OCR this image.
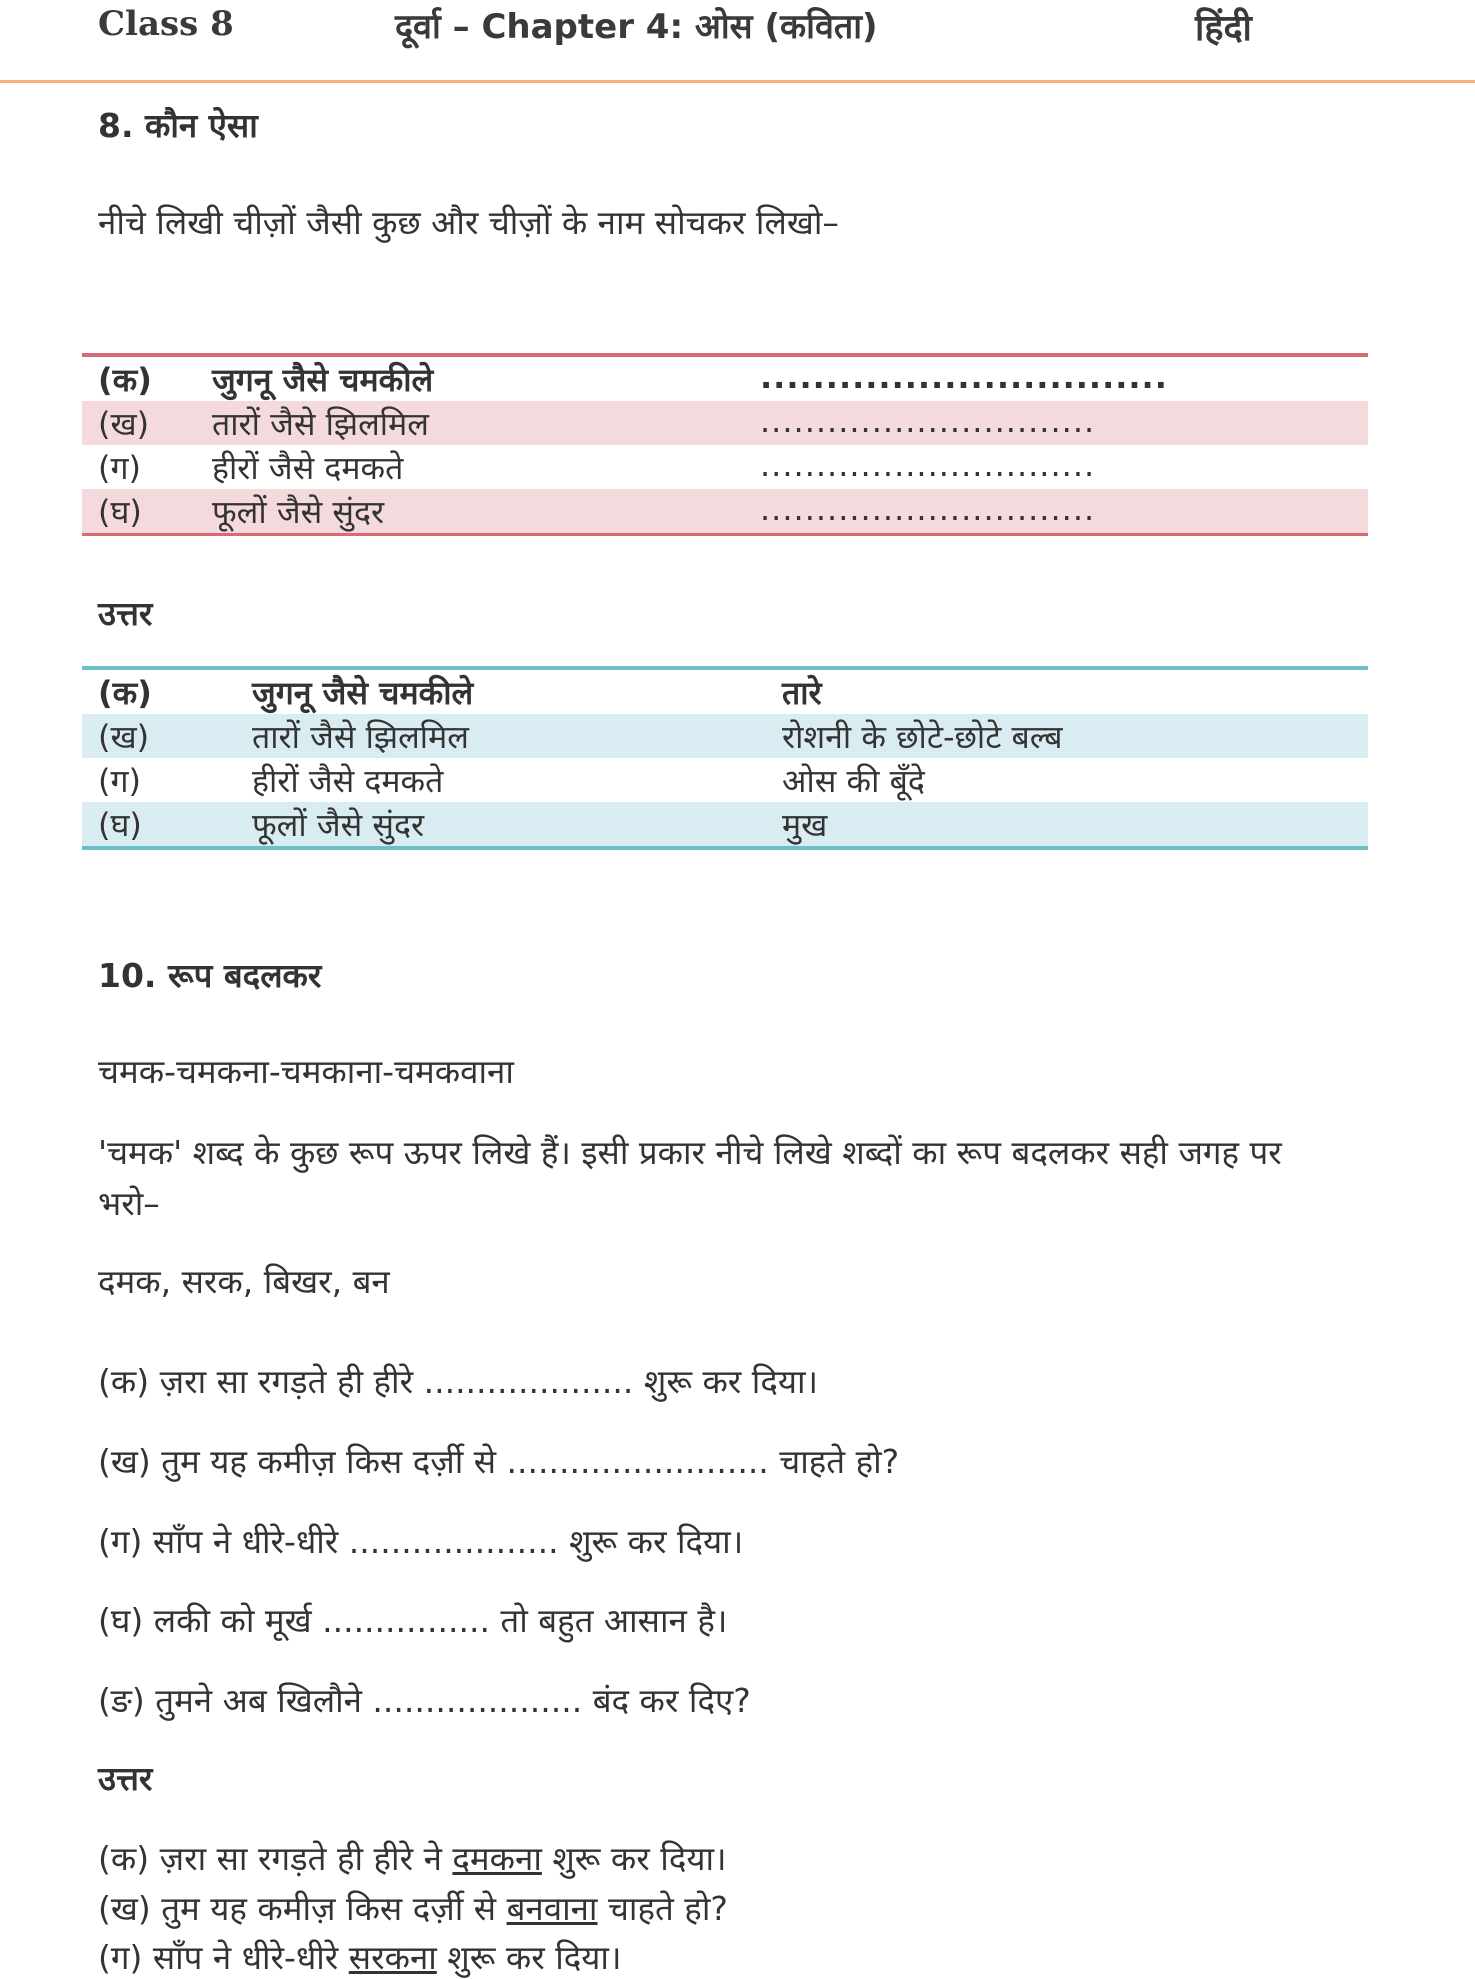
Class 8	दूर्वा – Chapter 4: ओस (कविता)	हिंदी
8. कौन ऐसा
नीचे लिखी चीज़ों जैसी कुछ और चीज़ों के नाम सोचकर लिखो–
(क) जुगनू जैसे चमकीले	...............................
(ख) तारों जैसे झिलमिल	..............................
(ग) हीरों जैसे दमकते	..............................
(घ) फूलों जैसे सुंदर	..............................
उत्तर
(क)	जुगनू जैसे चमकीले	तारे
(ख)	तारों जैसे झिलमिल	रोशनी के छोटे-छोटे बल्ब
(ग)	हीरों जैसे दमकते	ओस की बूँदे
(घ)	फूलों जैसे सुंदर	मुख
10. रूप बदलकर
चमक-चमकना-चमकाना-चमकवाना
'चमक' शब्द के कुछ रूप ऊपर लिखे हैं। इसी प्रकार नीचे लिखे शब्दों का रूप बदलकर सही जगह पर
भरो–
दमक, सरक, बिखर, बन
(क) ज़रा सा रगड़ते ही हीरे .................... शुरू कर दिया।
(ख) तुम यह कमीज़ किस दर्ज़ी से ......................... चाहते हो?
(ग) साँप ने धीरे-धीरे .................... शुरू कर दिया।
(घ) लकी को मूर्ख ................ तो बहुत आसान है।
(ङ) तुमने अब खिलौने .................... बंद कर दिए?
उत्तर
(क) ज़रा सा रगड़ते ही हीरे ने दमकना शुरू कर दिया।
(ख) तुम यह कमीज़ किस दर्ज़ी से बनवाना चाहते हो?
(ग) साँप ने धीरे-धीरे सरकना शुरू कर दिया।
